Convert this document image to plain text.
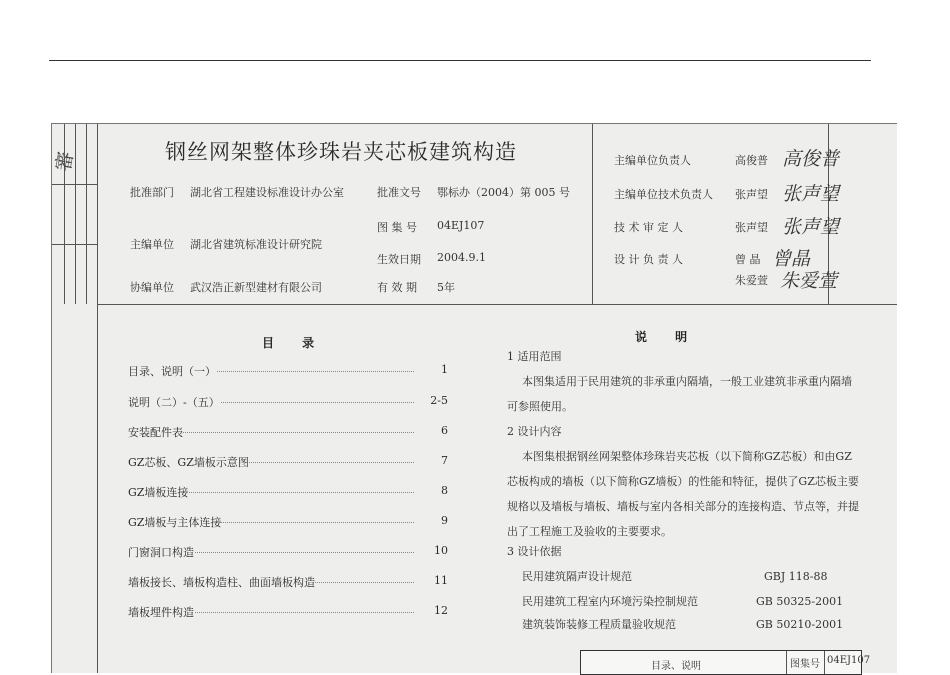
審	钢丝网架整体珍珠岩夹芯板建筑构造
批准部门 湖北省工程建设标准设计办公室	批准文号 鄂标办（2004）第 005 号
主编单位 湖北省建筑标准设计研究院
图 集 号 04EJ107
生效日期 2004.9.1
协编单位 武汉浩正新型建材有限公司	有 效 期 5年
主编单位负责人	高俊普 高俊普
主编单位技术负责人 张声望 张声望
技 术 审 定 人	张声望 张声望
设 计 负 责 人	曾 晶 曾晶
朱爱萱 朱爱萱
目 录
目录、说明（一）	1
说明（二）-（五）	2-5
安装配件表	6
GZ芯板、GZ墙板示意图	7
GZ墙板连接	8
GZ墙板与主体连接	9
门窗洞口构造	10
墙板接长、墙板构造柱、曲面墙板构造	11
墙板埋件构造	12
说 明
1 适用范围
本图集适用于民用建筑的非承重内隔墙，一般工业建筑非承重内隔墙
可参照使用。
2 设计内容
本图集根据钢丝网架整体珍珠岩夹芯板（以下简称GZ芯板）和由GZ
芯板构成的墙板（以下简称GZ墙板）的性能和特征，提供了GZ芯板主要
规格以及墙板与墙板、墙板与室内各相关部分的连接构造、节点等，并提
出了工程施工及验收的主要要求。
3 设计依据
民用建筑隔声设计规范	GBJ 118-88
民用建筑工程室内环境污染控制规范	GB 50325-2001
建筑装饰装修工程质量验收规范	GB 50210-2001
目录、说明	图集号 04EJ107
